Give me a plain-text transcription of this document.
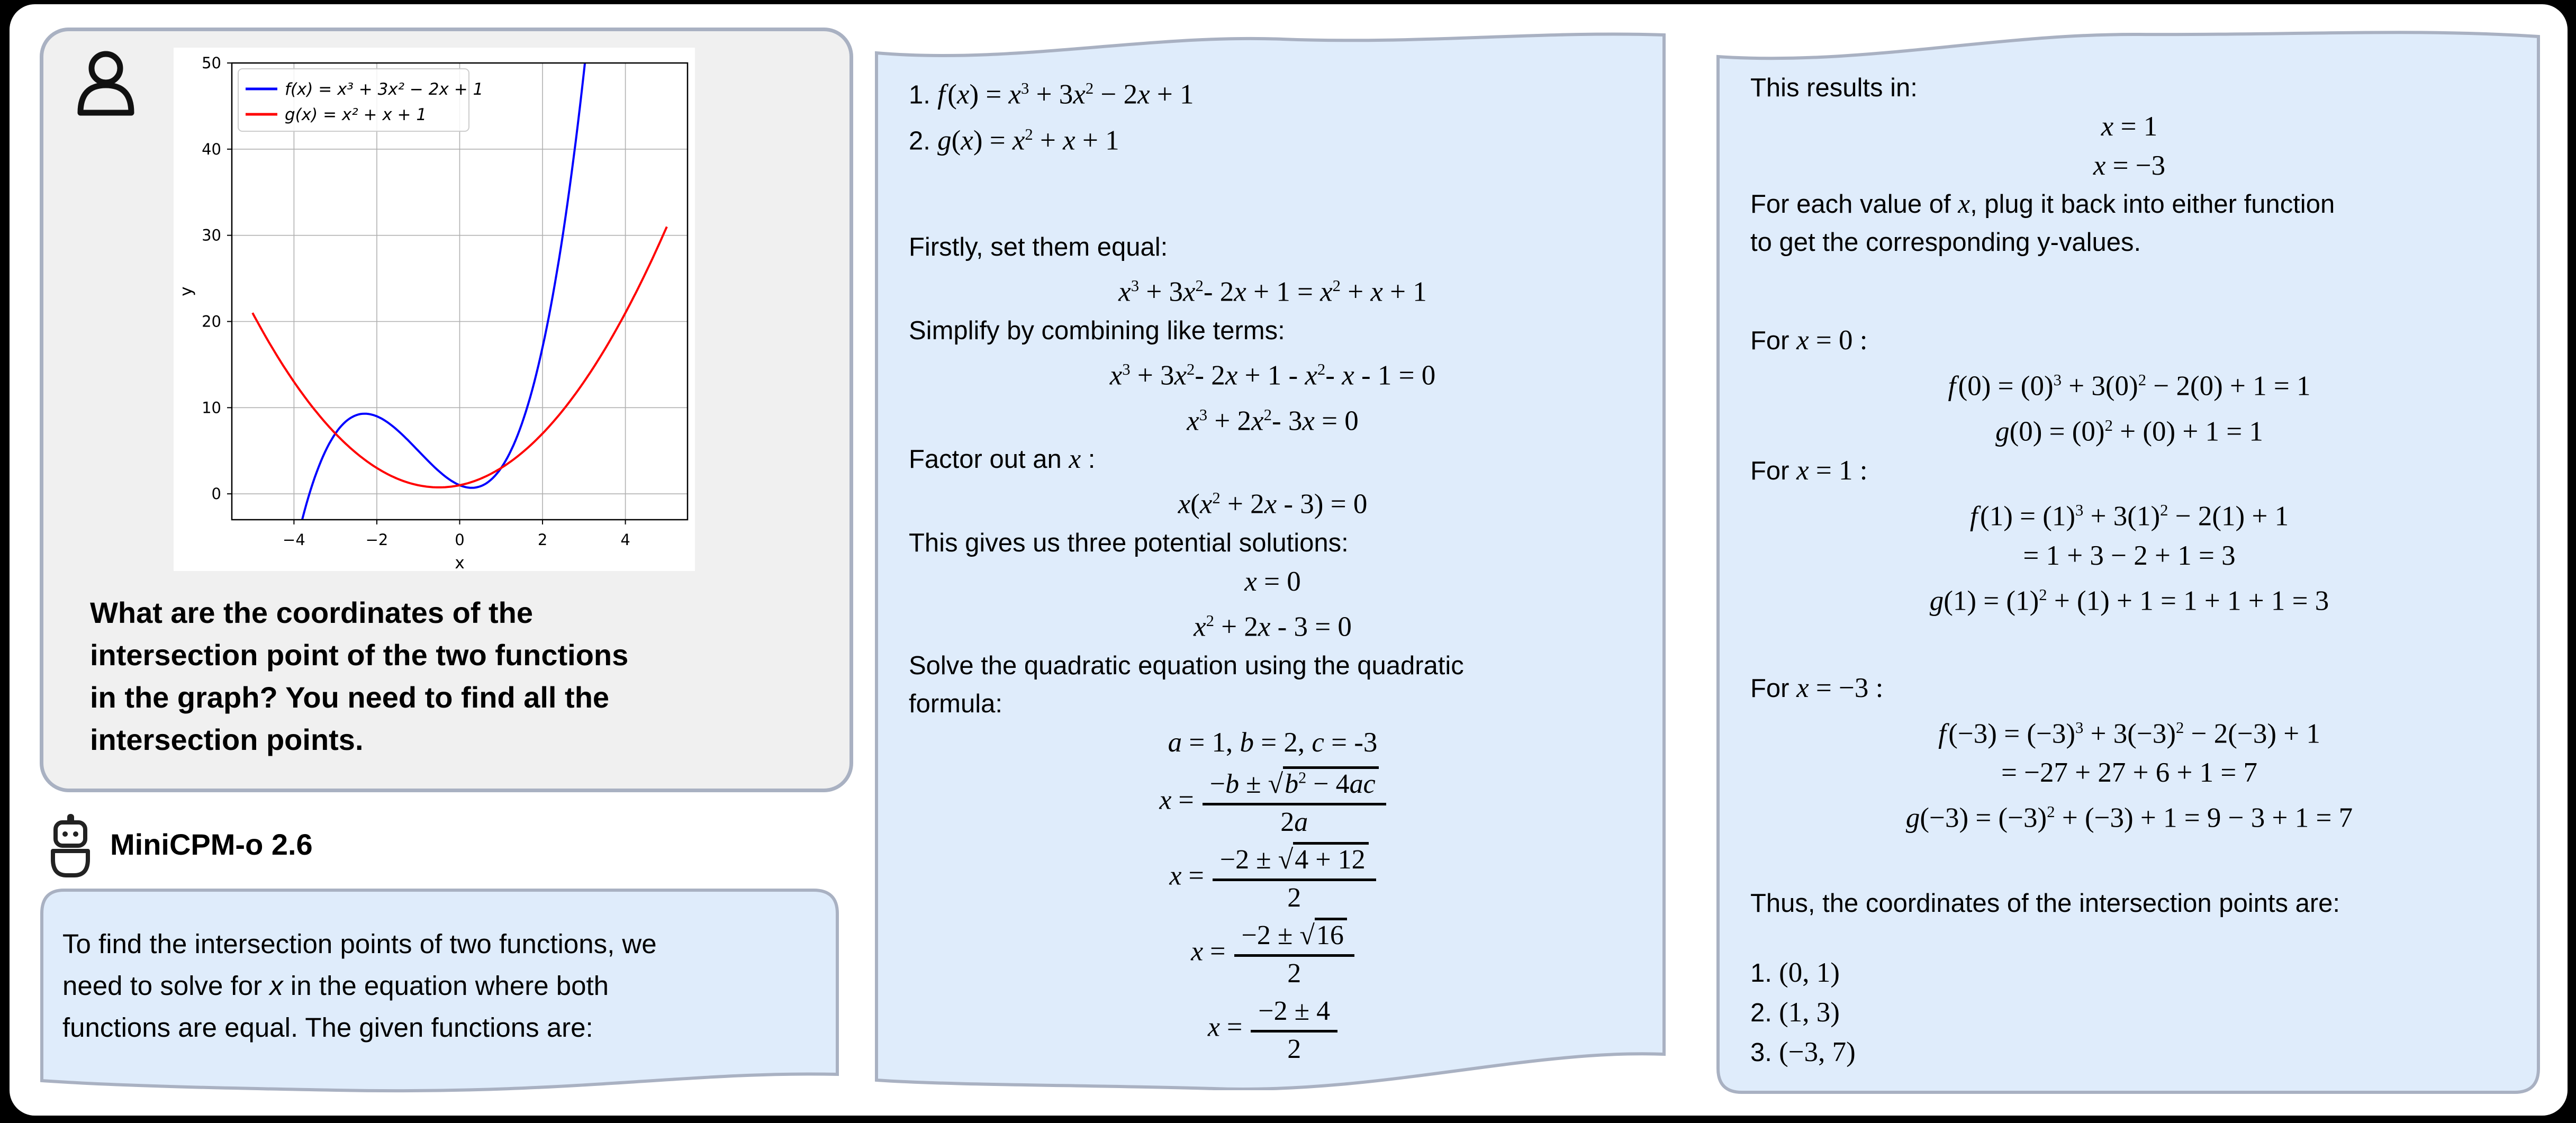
−4	−2	0	2	4
0
10
20
30
40
50
x
y
f(x) = x³ + 3x² − 2x + 1
g(x) = x² + x + 1
What are the coordinates of the
intersection point of the two functions
in the graph? You need to find all the
intersection points.
MiniCPM-o 2.6
To find the intersection points of two functions, we
need to solve for x in the equation where both
functions are equal. The given functions are:
1. f $(x) = x^3 + 3x^2 - 2x + 1$
2. $g(x) = x^2 + x + 1$
Firstly, set them equal:
$x^3 + 3x^2-$ $2x + 1 = x^2 + x + 1$
Simplify by combining like terms:
$x^3 + 3x^2-$ $2x + 1 - x^2-$ x - 1 = 0
$x^3 + 2x^2-$ 3x = 0
Factor out an x :
$x(x^2 + 2x - 3) = 0$
This gives us three potential solutions:
x = 0
$x^2 + 2x - 3 = 0$
Solve the quadratic equation using the quadratic
formula:
a = 1, b = 2, c = -3
$x = \frac{-b \pm √b^2 - 4ac}{2a}$
$x = \frac{-2 \pm √4 + 12}{2}$
$x = \frac{-2 \pm √16}{2}$
$x = \frac{-2 \pm 4}{2}$
This results in:
x = 1
x = −3
For each value of x, plug it back into either function
to get the corresponding y-values.
For x = 0 :
f $(0) = (0)^3 + 3(0)^2 - 2(0) + 1 = 1$
$g(0) = (0)^2 + (0) + 1 = 1$
For x = 1 :
f $(1) = (1)^3 + 3(1)^2 - 2(1) + 1$
= 1 + 3 − 2 + 1 = 3
$g(1) = (1)^2 + (1) + 1 = 1 + 1 + 1 = 3$
For x = −3 :
f $(-3) = (-3)^3 + 3(-3)^2 - 2(-3) + 1$
= −27 + 27 + 6 + 1 = 7
$g(-3) = (-3)^2 + (-3) + 1 = 9 - 3 + 1 = 7$
Thus, the coordinates of the intersection points are:
1. (0, 1)
2. (1, 3)
3. (−3, 7)
